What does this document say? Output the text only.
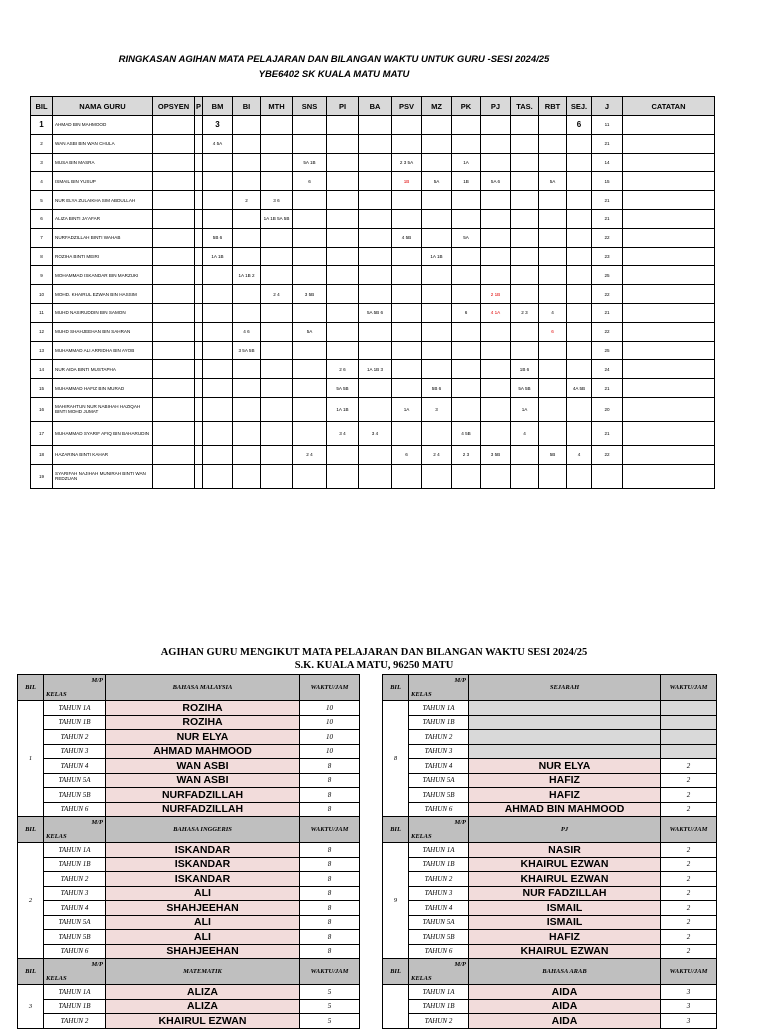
RINGKASAN AGIHAN MATA PELAJARAN DAN BILANGAN WAKTU UNTUK GURU -SESI 2024/25
YBE6402 SK KUALA MATU MATU
BIL	NAMA GURU	OPSYEN	P	BM	BI	MTH	SNS	PI	BA	PSV	MZ	PK	PJ	TAS.	RBT	SEJ.	J	CATATAN
1	AHMAD BIN MAHMOOD			3												6	11	
2	WAN ASBI BIN WAN CHULA			4 5A													21	
3	MUSA BIN MASRA						5A 1B			2 3 5A		1A					14	
4	ISMAIL BIN YUSUP						6			1B	5A	1B	5A 6		5A		15	
5	NUR ELYA ZULAIKHA SIM ABDULLAH				2	3 6											21	
6	ALIZA BINTI JA'AFAR					1A 1B 5A 5B											21	
7	NURFADZILLAH BINTI WAHAB			5B 6						4 5B		5A					22	
8	ROZIHA BINTI MEIRI			1A 1B							1A 1B						23	
9	MOHAMMAD ISKANDAR BIN MARZUKI				1A 1B 2												25	
10	MOHD. KHAIRUL EZWAN BIN HASSIM					2 4	3 5B						2 1B				22	
11	MUHD NASIRUDDIN BIN SAMON								5A 5B 6			6	4 1A	2 3	4		21	
12	MUHD SHAHJEEHAN BIN SAHRAN				4 6		5A								6		22	
13	MUHAMMAD ALI ARRIDHA BIN AYOB				3 5A 5B												25	
14	NUR AIDA BINTI MUSTAPHA							2 6	1A 1B 3					1B 6			24	
15	MUHAMMAD HAFIZ BIN MURAD							5A 5B			5B 6			5A 5B		4A 5B	21	
16	MAHIRAHTUN NUR NABIHAH HAZIQAH BINTI MOHD JUMAT							1A 1B		1A	3			1A			20	
17	MUHAMMAD SYARIF AFIQ BIN BAHARUDIN							3 4	3 4			4 5B		4			21	
18	HAZARINA BINTI KAHAR						2 4			6	2 4	2 3	3 5B		5B	4	22	
19	SYARIFAH NAJIHAH MUNIRAH BINTI WAN REDZUAN																	
AGIHAN GURU MENGIKUT MATA PELAJARAN DAN BILANGAN WAKTU SESI 2024/25
S.K. KUALA MATU, 96250 MATU
BIL	M/P
KELAS	BAHASA MALAYSIA	WAKTU/JAM
1	TAHUN 1A	ROZIHA	10
	TAHUN 1B	ROZIHA	10
	TAHUN 2	NUR ELYA	10
	TAHUN 3	AHMAD MAHMOOD	10
	TAHUN 4	WAN ASBI	8
	TAHUN 5A	WAN ASBI	8
	TAHUN 5B	NURFADZILLAH	8
	TAHUN 6	NURFADZILLAH	8
BIL	M/P
KELAS	BAHASA INGGERIS	WAKTU/JAM
2	TAHUN 1A	ISKANDAR	8
	TAHUN 1B	ISKANDAR	8
	TAHUN 2	ISKANDAR	8
	TAHUN 3	ALI	8
	TAHUN 4	SHAHJEEHAN	8
	TAHUN 5A	ALI	8
	TAHUN 5B	ALI	8
	TAHUN 6	SHAHJEEHAN	8
BIL	M/P
KELAS	MATEMATIK	WAKTU/JAM
3	TAHUN 1A	ALIZA	5
	TAHUN 1B	ALIZA	5
	TAHUN 2	KHAIRUL EZWAN	5
BIL	M/P
KELAS	SEJARAH	WAKTU/JAM
8	TAHUN 1A		
	TAHUN 1B		
	TAHUN 2		
	TAHUN 3		
	TAHUN 4	NUR ELYA	2
	TAHUN 5A	HAFIZ	2
	TAHUN 5B	HAFIZ	2
	TAHUN 6	AHMAD BIN MAHMOOD	2
BIL	M/P
KELAS	PJ	WAKTU/JAM
9	TAHUN 1A	NASIR	2
	TAHUN 1B	KHAIRUL EZWAN	2
	TAHUN 2	KHAIRUL EZWAN	2
	TAHUN 3	NUR FADZILLAH	2
	TAHUN 4	ISMAIL	2
	TAHUN 5A	ISMAIL	2
	TAHUN 5B	HAFIZ	2
	TAHUN 6	KHAIRUL EZWAN	2
BIL	M/P
KELAS	BAHASA ARAB	WAKTU/JAM
	TAHUN 1A	AIDA	3
	TAHUN 1B	AIDA	3
	TAHUN 2	AIDA	3
